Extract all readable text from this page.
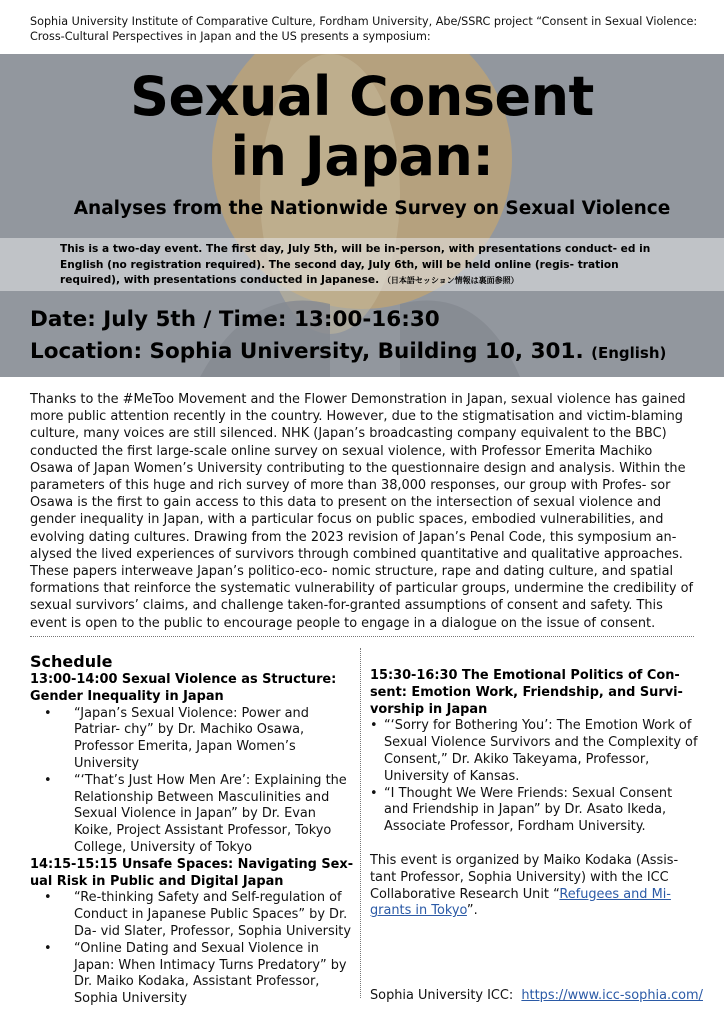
Sophia University Institute of Comparative Culture, Fordham University, Abe/SSRC project “Consent in Sexual Violence: Cross-Cultural Perspectives in Japan and the US presents a symposium:
Sexual Consent
in Japan:
Analyses from the Nationwide Survey on Sexual Violence
This is a two-day event. The first day, July 5th, will be in-person, with presentations conduct- ed in English (no registration required). The second day, July 6th, will be held online (regis- tration required), with presentations conducted in Japanese. （日本語セッション情報は裏面参照）
Date: July 5th / Time: 13:00-16:30
Location: Sophia University, Building 10, 301. (English)
Thanks to the #MeToo Movement and the Flower Demonstration in Japan, sexual violence has gained more public attention recently in the country. However, due to the stigmatisation and victim-blaming culture, many voices are still silenced. NHK (Japan’s broadcasting company equivalent to the BBC) conducted the first large-scale online survey on sexual violence, with Professor Emerita Machiko Osawa of Japan Women’s University contributing to the questionnaire design and analysis. Within the parameters of this huge and rich survey of more than 38,000 responses, our group with Profes- sor Osawa is the first to gain access to this data to present on the intersection of sexual violence and gender inequality in Japan, with a particular focus on public spaces, embodied vulnerabilities, and evolving dating cultures. Drawing from the 2023 revision of Japan’s Penal Code, this symposium an- alysed the lived experiences of survivors through combined quantitative and qualitative approaches. These papers interweave Japan’s politico-eco- nomic structure, rape and dating culture, and spatial formations that reinforce the systematic vulnerability of particular groups, undermine the credibility of sexual survivors’ claims, and challenge taken-for-granted assumptions of consent and safety. This event is open to the public to encourage people to engage in a dialogue on the issue of consent.
Schedule
13:00-14:00 Sexual Violence as Structure: Gender Inequality in Japan
• “Japan’s Sexual Violence: Power and Patriar- chy” by Dr. Machiko Osawa, Professor Emerita, Japan Women’s University
• “‘That’s Just How Men Are’: Explaining the Relationship Between Masculinities and Sexual Violence in Japan” by Dr. Evan Koike, Project Assistant Professor, Tokyo College, University of Tokyo
14:15-15:15 Unsafe Spaces: Navigating Sex- ual Risk in Public and Digital Japan
• “Re-thinking Safety and Self-regulation of Conduct in Japanese Public Spaces” by Dr. Da- vid Slater, Professor, Sophia University
• “Online Dating and Sexual Violence in Japan: When Intimacy Turns Predatory” by Dr. Maiko Kodaka, Assistant Professor, Sophia University
15:30-16:30 The Emotional Politics of Con- sent: Emotion Work, Friendship, and Survi- vorship in Japan
• “‘Sorry for Bothering You’: The Emotion Work of Sexual Violence Survivors and the Complexity of Consent,” Dr. Akiko Takeyama, Professor, University of Kansas.
• “I Thought We Were Friends: Sexual Consent and Friendship in Japan” by Dr. Asato Ikeda, Associate Professor, Fordham University.
This event is organized by Maiko Kodaka (Assis- tant Professor, Sophia University) with the ICC Collaborative Research Unit “Refugees and Mi- grants in Tokyo”.
Sophia University ICC: https://www.icc-sophia.com/
